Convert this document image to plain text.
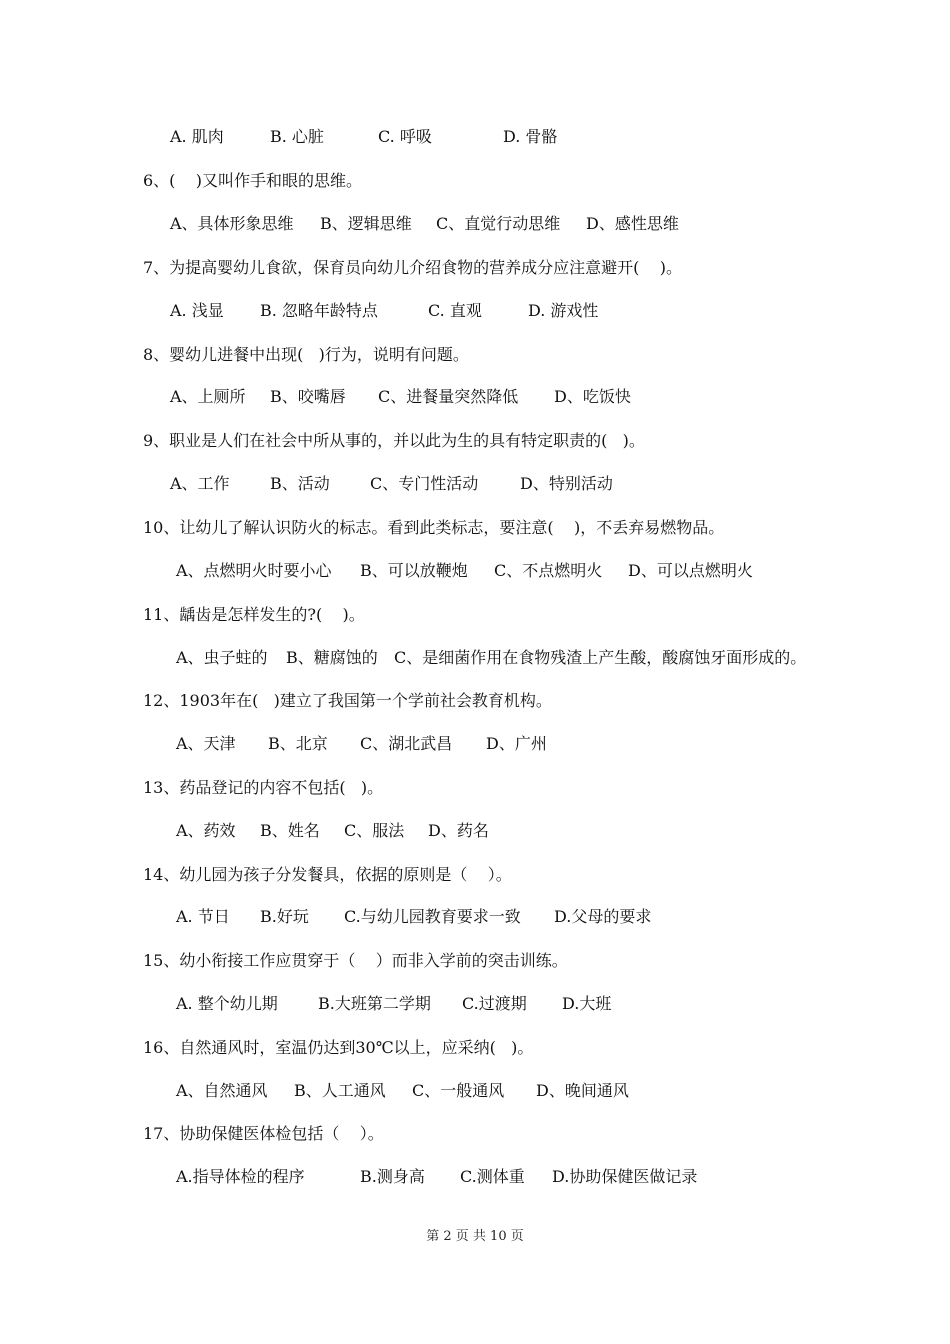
A. 肌肉

	B. 心脏

	C. 呼吸

	D. 骨骼

6、(    )又叫作手和眼的思维。

A、具体形象思维

B、逻辑思维

C、直觉行动思维

D、感性思维

7、为提高婴幼儿食欲，保育员向幼儿介绍食物的营养成分应注意避开(    )。

A. 浅显

B. 忽略年龄特点

	C. 直观

	D. 游戏性

8、婴幼儿进餐中出现(   )行为，说明有问题。

A、上厕所

B、咬嘴唇

C、进餐量突然降低

D、吃饭快

9、职业是人们在社会中所从事的，并以此为生的具有特定职责的(   )。

A、工作

	B、活动

	C、专门性活动

	D、特别活动

10、让幼儿了解认识防火的标志。看到此类标志，要注意(    )，不丢弃易燃物品。

A、点燃明火时要小心

B、可以放鞭炮

C、不点燃明火

D、可以点燃明火

11、龋齿是怎样发生的?(    )。

A、虫子蛀的

B、糖腐蚀的

C、是细菌作用在食物残渣上产生酸，酸腐蚀牙面形成的。

12、1903年在(   )建立了我国第一个学前社会教育机构。

A、天津

B、北京

C、湖北武昌

D、广州

13、药品登记的内容不包括(   )。

A、药效

B、姓名

C、服法

D、药名

14、幼儿园为孩子分发餐具，依据的原则是（    ）。

A. 节日

B.好玩

C.与幼儿园教育要求一致

D.父母的要求

15、幼小衔接工作应贯穿于（    ）而非入学前的突击训练。

A. 整个幼儿期

	B.大班第二学期

C.过渡期

D.大班

16、自然通风时，室温仍达到30℃以上，应采纳(   )。

A、自然通风

B、人工通风

C、一般通风

D、晚间通风

17、协助保健医体检包括（    ）。

A.指导体检的程序

	B.测身高

C.测体重

D.协助保健医做记录

第 2 页 共 10 页
